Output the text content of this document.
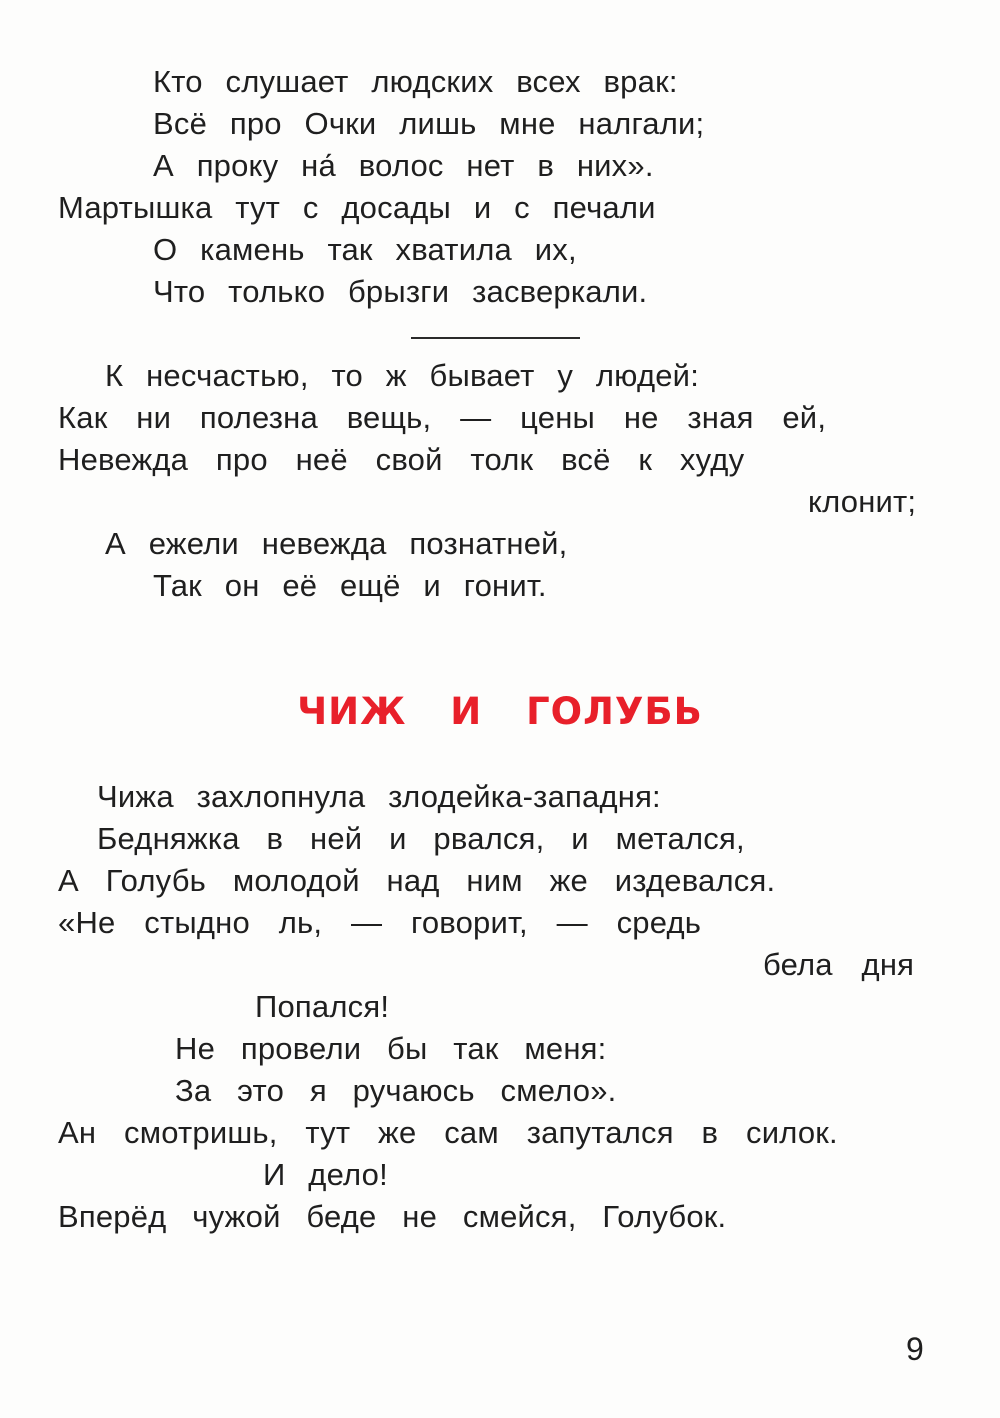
Кто слушает людских всех врак:
Всё про Очки лишь мне налгали;
А проку на́ волос нет в них».
Мартышка тут с досады и с печали
О камень так хватила их,
Что только брызги засверкали.
К несчастью, то ж бывает у людей:
Как ни полезна вещь, — цены не зная ей,
Невежда про неё свой толк всё к худу
клонит;
А ежели невежда познатней,
Так он её ещё и гонит.
ЧИЖ И ГОЛУБЬ
Чижа захлопнула злодейка-западня:
Бедняжка в ней и рвался, и метался,
А Голубь молодой над ним же издевался.
«Не стыдно ль, — говорит, — средь
бела дня
Попался!
Не провели бы так меня:
За это я ручаюсь смело».
Ан смотришь, тут же сам запутался в силок.
И дело!
Вперёд чужой беде не смейся, Голубок.
9
